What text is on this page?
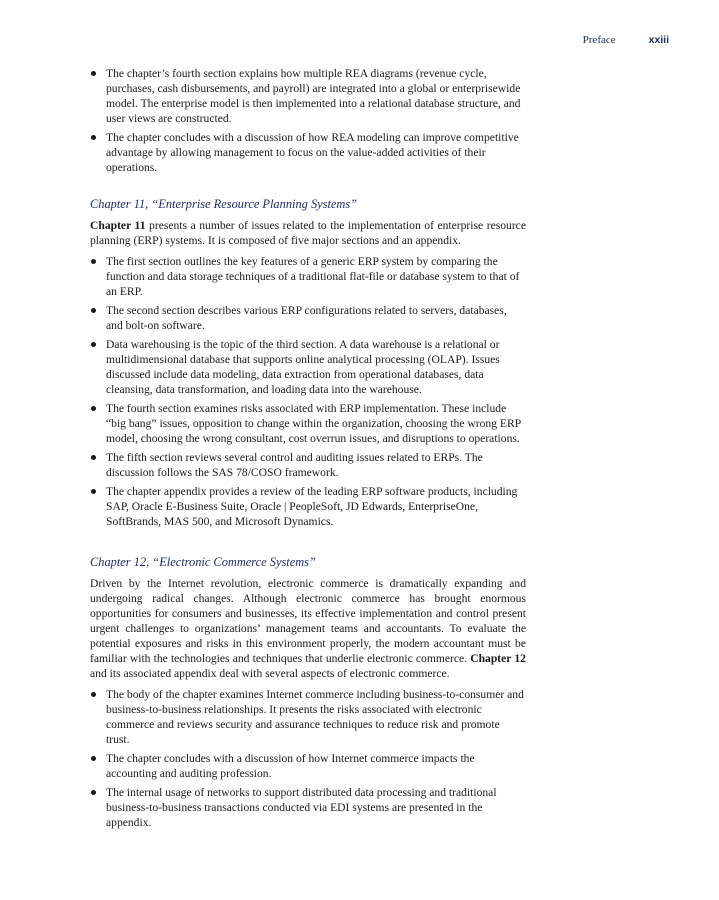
Preface	xxiii
The chapter’s fourth section explains how multiple REA diagrams (revenue cycle, purchases, cash disbursements, and payroll) are integrated into a global or enterprisewide model. The enterprise model is then implemented into a relational database structure, and user views are constructed.
The chapter concludes with a discussion of how REA modeling can improve competitive advantage by allowing management to focus on the value-added activities of their operations.
Chapter 11, “Enterprise Resource Planning Systems”

Chapter 11 presents a number of issues related to the implementation of enterprise resource planning (ERP) systems. It is composed of five major sections and an appendix.

The first section outlines the key features of a generic ERP system by comparing the function and data storage techniques of a traditional flat-file or database system to that of an ERP.
The second section describes various ERP configurations related to servers, databases, and bolt-on software.
Data warehousing is the topic of the third section. A data warehouse is a relational or multidimensional database that supports online analytical processing (OLAP). Issues discussed include data modeling, data extraction from operational databases, data cleansing, data transformation, and loading data into the warehouse.
The fourth section examines risks associated with ERP implementation. These include “big bang” issues, opposition to change within the organization, choosing the wrong ERP model, choosing the wrong consultant, cost overrun issues, and disruptions to operations.
The fifth section reviews several control and auditing issues related to ERPs. The discussion follows the SAS 78/COSO framework.
The chapter appendix provides a review of the leading ERP software products, including SAP, Oracle E-Business Suite, Oracle | PeopleSoft, JD Edwards, EnterpriseOne, SoftBrands, MAS 500, and Microsoft Dynamics.
Chapter 12, “Electronic Commerce Systems”

Driven by the Internet revolution, electronic commerce is dramatically expanding and undergoing radical changes. Although electronic commerce has brought enormous opportunities for consumers and businesses, its effective implementation and control present urgent challenges to organizations’ management teams and accountants. To evaluate the potential exposures and risks in this environment properly, the modern accountant must be familiar with the technologies and techniques that underlie electronic commerce. Chapter 12 and its associated appendix deal with several aspects of electronic commerce.

The body of the chapter examines Internet commerce including business-to-consumer and business-to-business relationships. It presents the risks associated with electronic commerce and reviews security and assurance techniques to reduce risk and promote trust.
The chapter concludes with a discussion of how Internet commerce impacts the accounting and auditing profession.
The internal usage of networks to support distributed data processing and traditional business-to-business transactions conducted via EDI systems are presented in the appendix.
